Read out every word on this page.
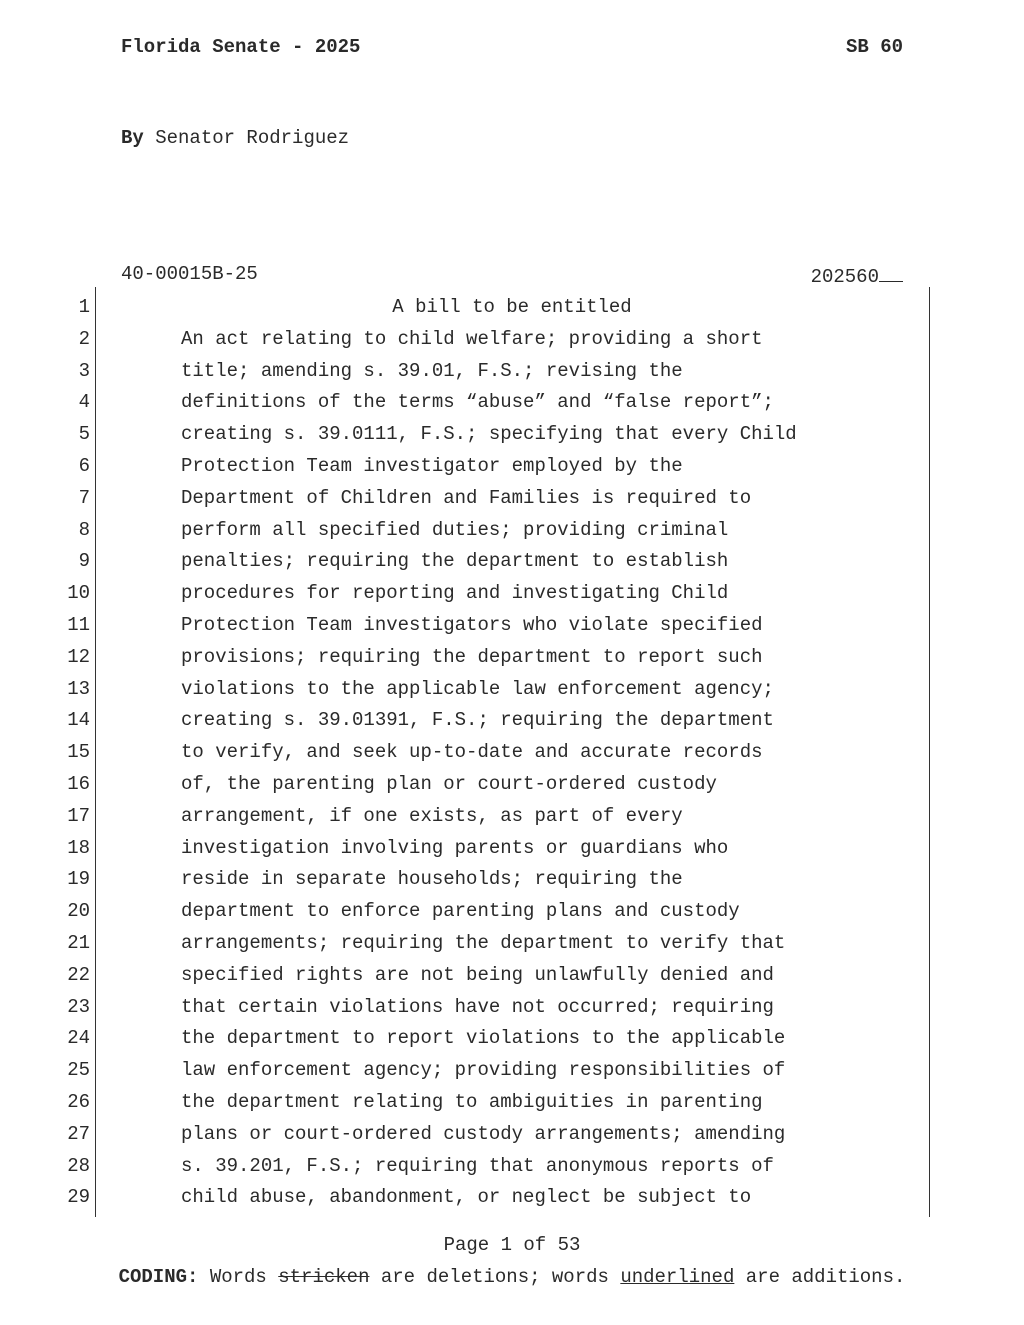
Florida Senate - 2025	SB 60
By Senator Rodriguez
40-00015B-25	202560
1	A bill to be entitled
2	An act relating to child welfare; providing a short
3	title; amending s. 39.01, F.S.; revising the
4	definitions of the terms “abuse” and “false report”;
5	creating s. 39.0111, F.S.; specifying that every Child
6	Protection Team investigator employed by the
7	Department of Children and Families is required to
8	perform all specified duties; providing criminal
9	penalties; requiring the department to establish
10	procedures for reporting and investigating Child
11	Protection Team investigators who violate specified
12	provisions; requiring the department to report such
13	violations to the applicable law enforcement agency;
14	creating s. 39.01391, F.S.; requiring the department
15	to verify, and seek up-to-date and accurate records
16	of, the parenting plan or court-ordered custody
17	arrangement, if one exists, as part of every
18	investigation involving parents or guardians who
19	reside in separate households; requiring the
20	department to enforce parenting plans and custody
21	arrangements; requiring the department to verify that
22	specified rights are not being unlawfully denied and
23	that certain violations have not occurred; requiring
24	the department to report violations to the applicable
25	law enforcement agency; providing responsibilities of
26	the department relating to ambiguities in parenting
27	plans or court-ordered custody arrangements; amending
28	s. 39.201, F.S.; requiring that anonymous reports of
29	child abuse, abandonment, or neglect be subject to
Page 1 of 53
CODING: Words stricken are deletions; words underlined are additions.
